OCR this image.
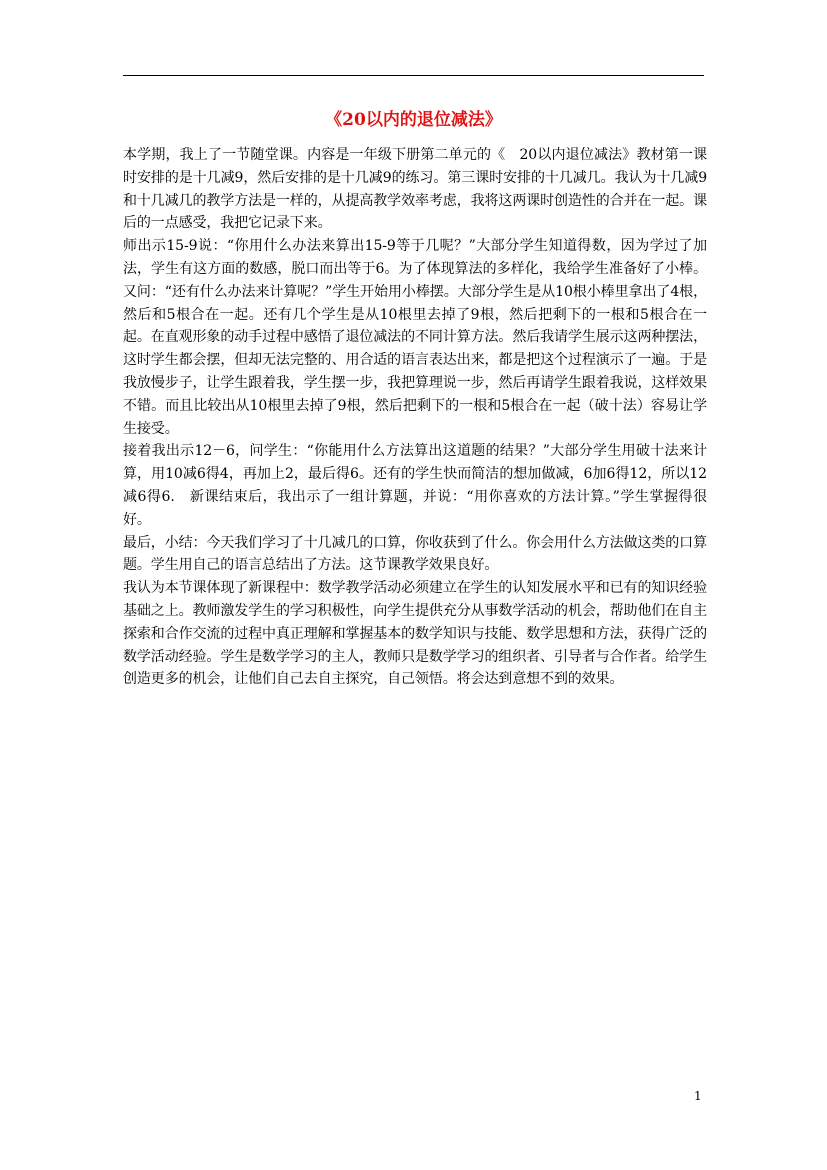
《20以内的退位减法》

本学期，我上了一节随堂课。内容是一年级下册第二单元的《　20以内退位减法》教材第一课时安排的是十几减9，然后安排的是十几减9的练习。第三课时安排的十几减几。我认为十几减9和十几减几的教学方法是一样的，从提高教学效率考虑，我将这两课时创造性的合并在一起。课后的一点感受，我把它记录下来。

师出示15-9说：“你用什么办法来算出15-9等于几呢？”大部分学生知道得数，因为学过了加法，学生有这方面的数感，脱口而出等于6。为了体现算法的多样化，我给学生准备好了小棒。又问：“还有什么办法来计算呢？”学生开始用小棒摆。大部分学生是从10根小棒里拿出了4根，然后和5根合在一起。还有几个学生是从10根里去掉了9根，然后把剩下的一根和5根合在一起。在直观形象的动手过程中感悟了退位减法的不同计算方法。然后我请学生展示这两种摆法，这时学生都会摆，但却无法完整的、用合适的语言表达出来，都是把这个过程演示了一遍。于是我放慢步子，让学生跟着我，学生摆一步，我把算理说一步，然后再请学生跟着我说，这样效果不错。而且比较出从10根里去掉了9根，然后把剩下的一根和5根合在一起（破十法）容易让学生接受。

接着我出示12－6，问学生：“你能用什么方法算出这道题的结果？”大部分学生用破十法来计算，用10减6得4，再加上2，最后得6。还有的学生快而简洁的想加做减，6加6得12，所以12减6得6.　新课结束后，我出示了一组计算题，并说：“用你喜欢的方法计算。”学生掌握得很好。

最后，小结：今天我们学习了十几减几的口算，你收获到了什么。你会用什么方法做这类的口算题。学生用自己的语言总结出了方法。这节课教学效果良好。

我认为本节课体现了新课程中：数学教学活动必须建立在学生的认知发展水平和已有的知识经验基础之上。教师激发学生的学习积极性，向学生提供充分从事数学活动的机会，帮助他们在自主探索和合作交流的过程中真正理解和掌握基本的数学知识与技能、数学思想和方法，获得广泛的数学活动经验。学生是数学学习的主人，教师只是数学学习的组织者、引导者与合作者。给学生创造更多的机会，让他们自己去自主探究，自己领悟。将会达到意想不到的效果。

1
